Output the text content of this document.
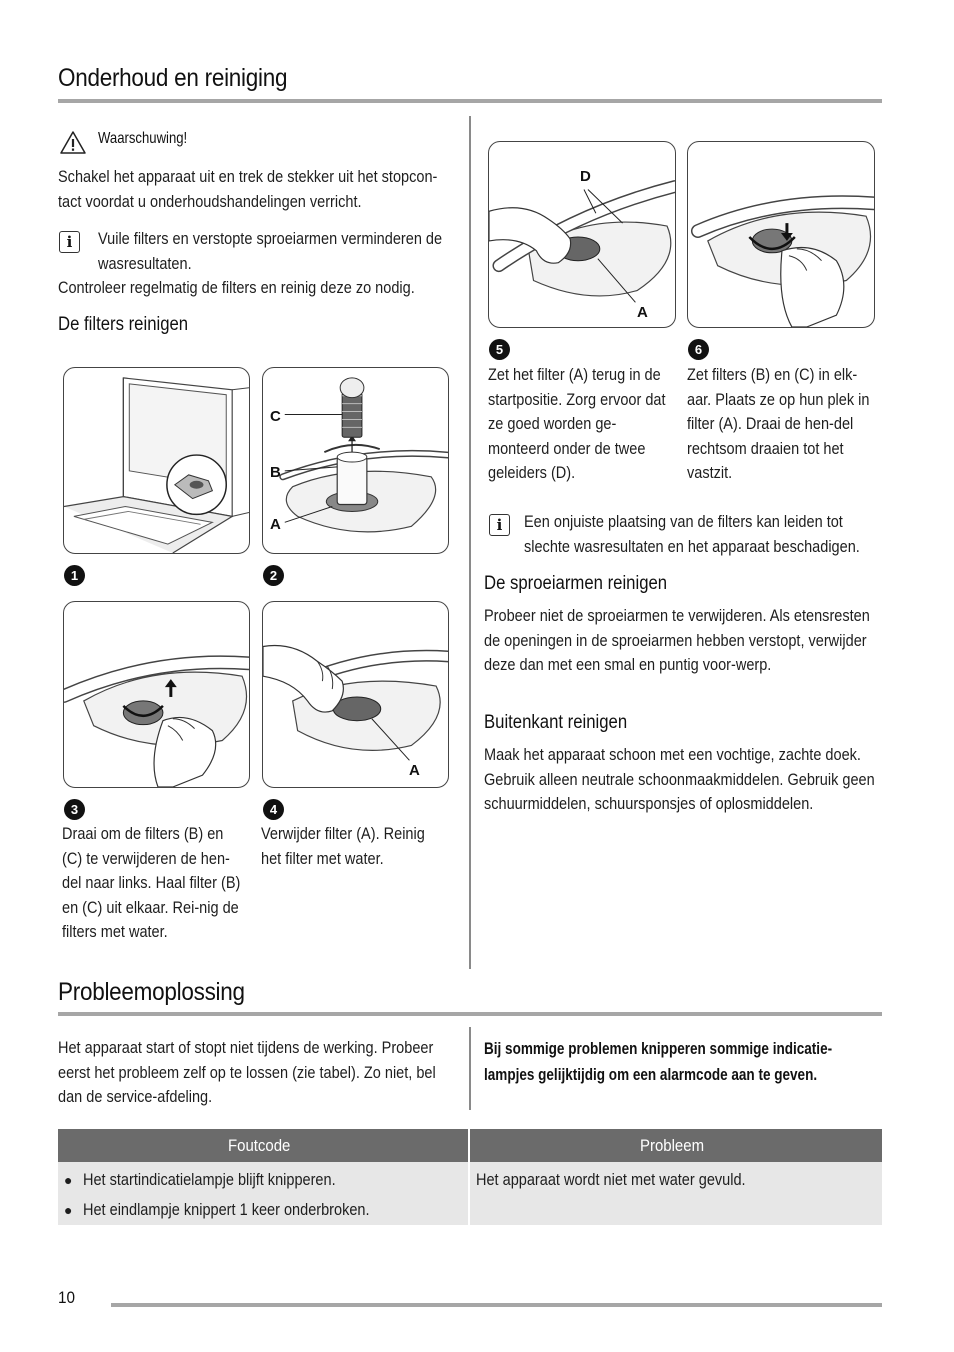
Onderhoud en reiniging
Waarschuwing!
Schakel het apparaat uit en trek de stekker uit het stopcon-tact voordat u onderhoudshandelingen verricht.
i	Vuile filters en verstopte sproeiarmen verminderen de wasresultaten.
Controleer regelmatig de filters en reinig deze zo nodig.
De filters reinigen
C
B
A
1	2
A
3	4
Draai om de filters (B) en (C) te verwijderen de hen-del naar links. Haal filter (B) en (C) uit elkaar. Rei-nig de filters met water.
Verwijder filter (A). Reinig het filter met water.
D
A
5	6
Zet het filter (A) terug in de startpositie. Zorg ervoor dat ze goed worden ge-monteerd onder de twee geleiders (D).
Zet filters (B) en (C) in elk-aar. Plaats ze op hun plek in filter (A). Draai de hen-del rechtsom draaien tot het vastzit.
i	Een onjuiste plaatsing van de filters kan leiden tot slechte wasresultaten en het apparaat beschadigen.
De sproeiarmen reinigen
Probeer niet de sproeiarmen te verwijderen. Als etensresten de openingen in de sproeiarmen hebben verstopt, verwijder deze dan met een smal en puntig voor-werp.
Buitenkant reinigen
Maak het apparaat schoon met een vochtige, zachte doek. Gebruik alleen neutrale schoonmaakmiddelen. Gebruik geen schuurmiddelen, schuursponsjes of oplosmiddelen.
Probleemoplossing
Het apparaat start of stopt niet tijdens de werking. Probeer eerst het probleem zelf op te lossen (zie tabel). Zo niet, bel dan de service-afdeling.
Bij sommige problemen knipperen sommige indicatie-lampjes gelijktijdig om een alarmcode aan te geven.
Foutcode	Probleem

● Het startindicatielampje blijft knipperen.
● Het eindlampje knippert 1 keer onderbroken.	Het apparaat wordt niet met water gevuld.
10
